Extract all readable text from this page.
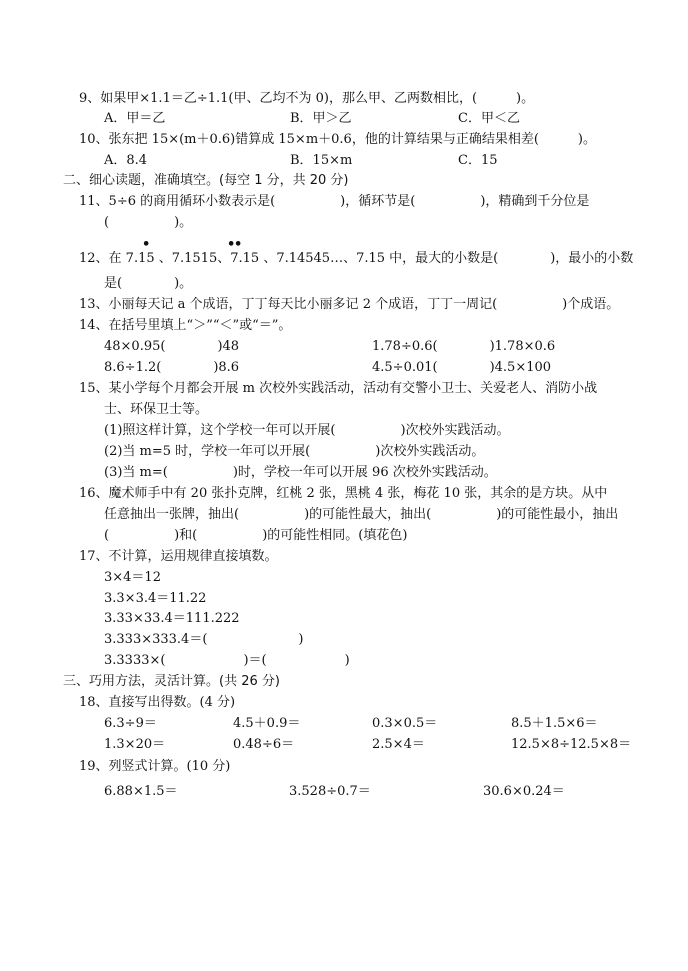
9、如果甲×1.1＝乙÷1.1(甲、乙均不为 0)，那么甲、乙两数相比，(　　　)。
A．甲＝乙	B．甲＞乙	C．甲＜乙
10、张东把 15×(m＋0.6)错算成 15×m＋0.6，他的计算结果与正确结果相差(　　　)。
A．8.4	B．15×m	C．15
二、细心读题，准确填空。(每空 1 分，共 20 分)
11、5÷6 的商用循环小数表示是(　　　　　)，循环节是(　　　　　)，精确到千分位是
(　　　　　)。
•	•
•
12、在 7.15 、7.1515、7.15 、7.14545…、7.15 中，最大的小数是(　　　　)，最小的小数
是(　　　　)。
13、小丽每天记 a 个成语，丁丁每天比小丽多记 2 个成语，丁丁一周记(　　　　　)个成语。
14、在括号里填上“＞”“＜”或“＝”。
48×0.95(　　　　)48	1.78÷0.6(　　　　)1.78×0.6
8.6÷1.2(　　　　)8.6	4.5÷0.01(　　　　)4.5×100
15、某小学每个月都会开展 m 次校外实践活动，活动有交警小卫士、关爱老人、消防小战
士、环保卫士等。
(1)照这样计算，这个学校一年可以开展(　　　　　)次校外实践活动。
(2)当 m=5 时，学校一年可以开展(　　　　　)次校外实践活动。
(3)当 m=(　　　　　)时，学校一年可以开展 96 次校外实践活动。
16、魔术师手中有 20 张扑克牌，红桃 2 张，黑桃 4 张，梅花 10 张，其余的是方块。从中
任意抽出一张牌，抽出(　　　　　)的可能性最大，抽出(　　　　　)的可能性最小，抽出
(　　　　　)和(　　　　　)的可能性相同。(填花色)
17、不计算，运用规律直接填数。
3×4＝12
3.3×3.4＝11.22
3.33×33.4＝111.222
3.333×333.4＝(　　　　　　　)
3.3333×(　　　　　　)＝(　　　　　　)
三、巧用方法，灵活计算。(共 26 分)
18、直接写出得数。(4 分)
6.3÷9＝	4.5＋0.9＝	0.3×0.5＝	8.5＋1.5×6＝
1.3×20＝	0.48÷6＝	2.5×4＝	12.5×8÷12.5×8＝
19、列竖式计算。(10 分)
6.88×1.5＝	3.528÷0.7＝	30.6×0.24＝
